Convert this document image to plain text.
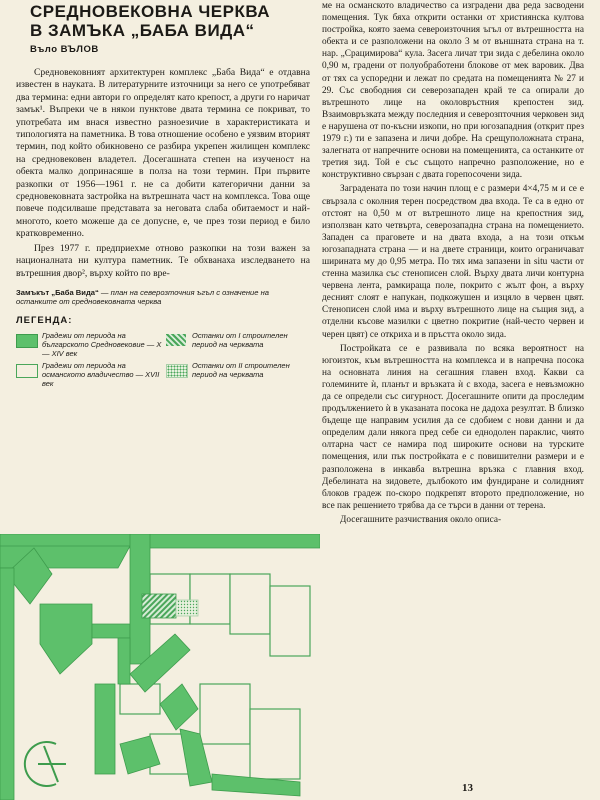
СРЕДНОВЕКОВНА ЧЕРКВА
В ЗАМЪКА „БАБА ВИДА“
Въло ВЪЛОВ

Средновековният архитектурен комплекс „Баба Вида“ е отдавна известен в науката. В литературните източници за него се употребяват два термина: едни автори го определят като крепост, а други го наричат замък¹. Въпреки че в някои пунктове двата термина се покриват, то употребата им внася известно разноезичие в характеристиката и типологията на паметника. В това отношение особено е уязвим вторият термин, под който обикновено се разбира укрепен жилищен комплекс на средновековен владетел. Досегашната степен на изученост на обекта малко допринасяше в полза на този термин. При първите разкопки от 1956—1961 г. не са добити категорични данни за средновековната застройка на вътрешната част на комплекса. Това още повече подсилваше представата за неговата слаба обитаемост и най-многото, което можеше да се допусне, е, че през този период е било кратковременно.

През 1977 г. предприехме отново разкопки на този важен за националната ни култура паметник. Те обхванаха изследването на вътрешния двор², върху който по вре-

Замъкът „Баба Вида“ — план на северозточния ъгъл с означение на останките от средновековната черква
ЛЕГЕНДА:
Градежи от периода на българското Средновековие — X — XIV век
Градежи от периода на османското владичество — XVII век
Останки от I строителен период на черквата
Останки от II строителен период на черквата

ме на османското владичество са изградени два реда засводени помещения. Тук бяха открити останки от християнска култова постройка, която заема североизточния ъгъл от вътрешността на обекта и се разположени на около 3 м от външната страна на т. нар. „Срацимирова“ кула. Засега личат три зида с дебелина около 0,90 м, градени от полуобработени блокове от мек варовик. Два от тях са успоредни и лежат по средата на помещенията № 27 и 29. Със свободния си северозападен край те са опирали до вътрешното лице на околовръстния крепостен зид. Взаимовръзката между последния и северозпточния черковен зид е нарушена от по-късни изкопи, но при югозападния (открит през 1979 г.) ти е запазена и личи добре. На срещуположната страна, залегната от напречните основи на помещенията, са останките от третия зид. Той е със същото напречно разположение, но е конструктивно свързан с двата горепосочени зида.

Заградената по този начин площ е с размери 4×4,75 м и се е свързала с околния терен посредством два входа. Те са в едно от отстоят на 0,50 м от вътрешното лице на крепостния зид, използван като четвърта, северозападна страна на помещението. Западен са праговете и на двата входа, а на този откъм югозападната страна — и на двете страници, които ограничават ширината му до 0,95 метра. По тях има запазени in situ части от стенна мазилка със стенописен слой. Върху двата личи контурна червена лента, рамкираща поле, покрито с жълт фон, а върху десният слоят е напукан, подкожушен и изцяло в червен цвят. Стенописен слой има и върху вътрешното лице на същия зид, а отделни късове мазилки с цветно покритие (най-често червен и черен цвят) се откриха и в пръстта около зида.

Постройката се е развивала по всяка вероятност на югоизток, към вътрешността на комплекса и в напречна посока на основната линия на сегашния главен вход. Какви са големините ѝ, планът и връзката ѝ с входа, засега е невъзможно да се определи със сигурност. Досегашните опити да проследим продължението ѝ в указаната посока не дадоха резултат. В близко бъдеще ще направим усилия да се сдобием с нови данни и да определим дали някога пред себе си еднодолен параклис, чиято олтарна част се намира под широките основи на турските помещения, или пък постройката е с повишителни размери и е разположена в инкавба вътрешна връзка с главния вход. Дебелината на зидовете, дълбокото им фундиране и солидният блоков градеж по-скоро подкрепят второто предположение, но все пак решението трябва да се търси в данни от терена.

Досегашните разчиствания около описа-

13
